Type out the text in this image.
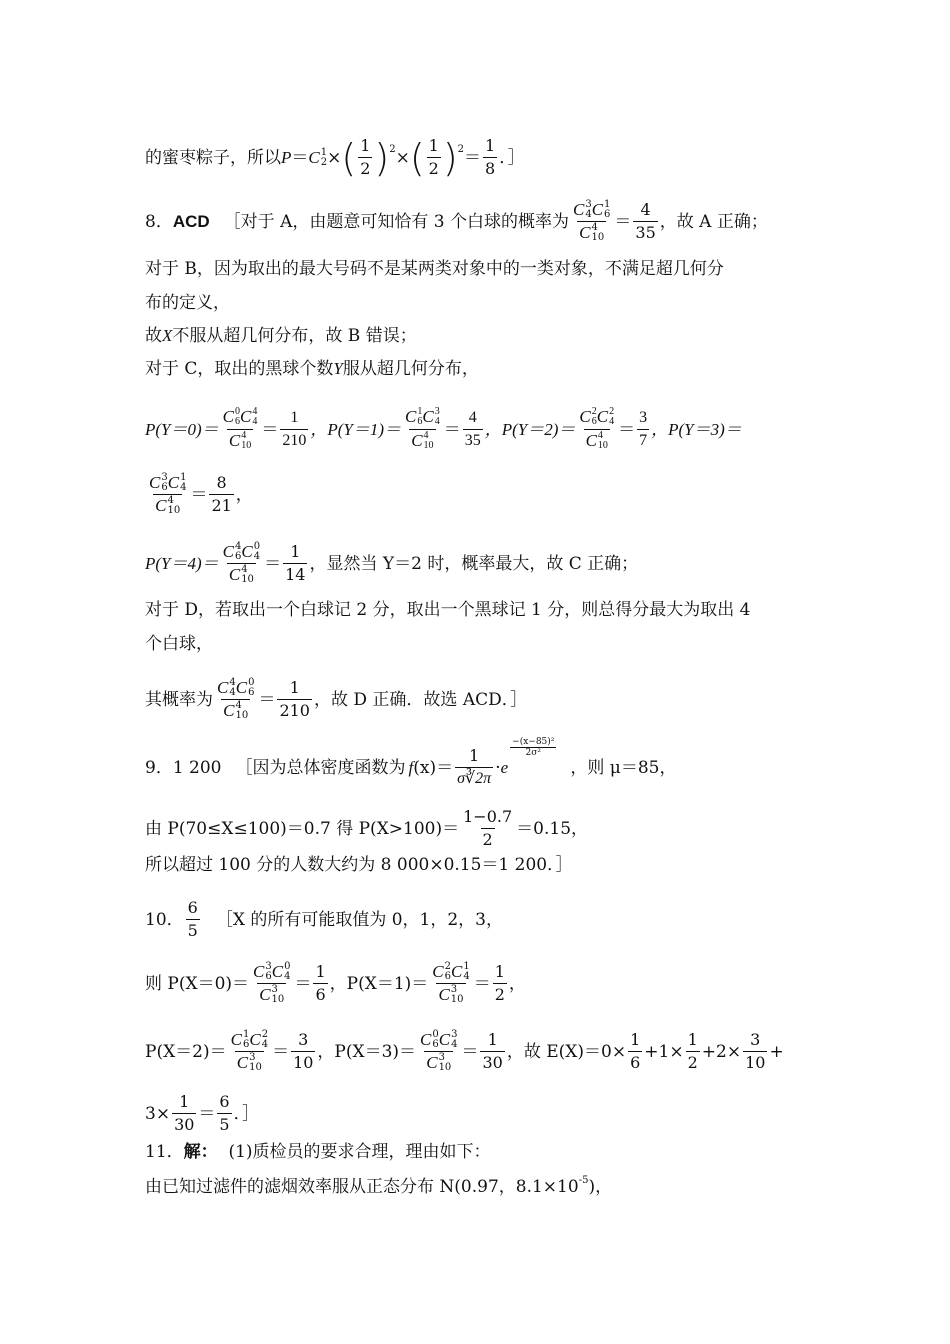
的蜜枣粽子，所以 P ＝ C 1
2 × ( $\frac{1}{2}$ ) 2 × ( $\frac{1}{2}$ ) $2 = \frac{1}{8}$ ．］
8． ACD ［对于 A，由题意可知恰有 3 个白球的概率为 C 3
4 C 1
6
C 4
$10 = \frac{4}{35}$ ，故 A 正确；
对于 B，因为取出的最大号码不是某两类对象中的一类对象，不满足超几何分
布的定义，
故 X 不服从超几何分布，故 B 错误；
对于 C，取出的黑球个数 Y 服从超几何分布，
P(Y＝0)＝ C 0
6 C 4
4
C 4
$10 = \frac{1}{210}$ ，P(Y＝1)＝ C 1
6 C 3
4
C 4
$10 = \frac{4}{35}$ ，P(Y＝2)＝ C 2
6 C 2
4
C 4
$10 = \frac{3}{7}$ ，P(Y＝3)＝
C 3
6 C 1
4
C 4
$10 = \frac{8}{21}$ ，
P(Y＝4)＝ C 4
6 C 0
4
C 4
$10 = \frac{1}{14}$ ，显然当 Y＝2 时，概率最大，故 C 正确；
对于 D，若取出一个白球记 2 分，取出一个黑球记 1 分，则总得分最大为取出 4
个白球，
其概率为 C 4
4 C 0
6
C 4
$10 = \frac{1}{210}$ ，故 D 正确．故选 ACD．］
9． 1 200 ［因为总体密度函数为 f $(x)= \frac{1}{\sigma∛2\pi} \cdot e$
−(x−85)²
2σ²
，则 μ＝85，
由 P(70≤X≤100)＝0.7 得 $P(X>100)= \frac{1-0.7}{2} =0.15$，
所以超过 100 分的人数大约为 8 000×0.15＝1 200．］
10． $\frac{6}{5}$ ［X 的所有可能取值为 0，1，2，3，
则 P(X＝0)＝ C 3
6 C 0
4
C 3
$10 = \frac{1}{6}$ ，P(X＝1)＝ C 2
6 C 1
4
C 3
$10 = \frac{1}{2}$ ，
P(X＝2)＝ C 1
6 C 2
4
C 3
$10 = \frac{3}{10}$ ，P(X＝3)＝ C 0
6 C 3
4
C 3
$10 = \frac{1}{30}$ ，故 $E(X)=0\times \frac{1}{6} +1\times \frac{1}{2} +2\times \frac{3}{10}$ +
$3\times \frac{1}{30} = \frac{6}{5}$ ．］
11． 解： (1)质检员的要求合理，理由如下：
由已知过滤件的滤烟效率服从正态分布 N(0.97，8.1×10 -5 )，
